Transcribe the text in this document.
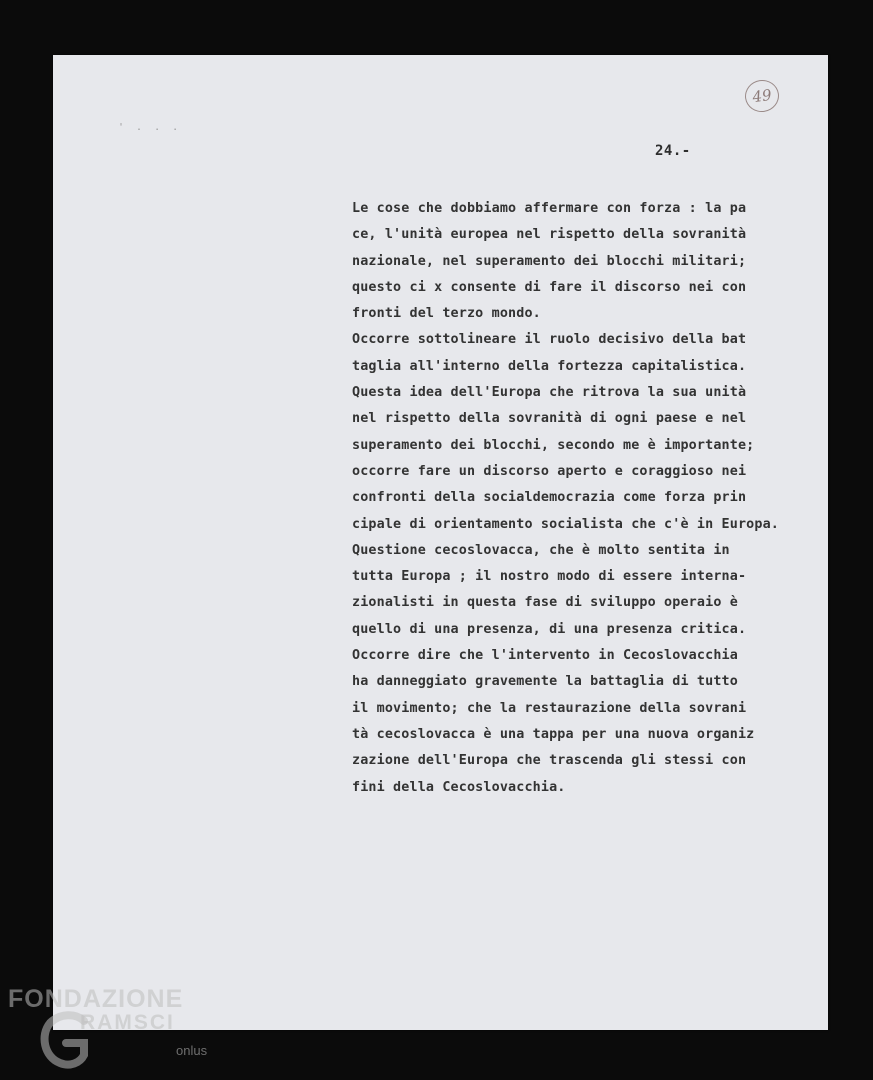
49
' . . .
24.-
Le cose che dobbiamo affermare con forza : la pa
ce, l'unità europea nel rispetto della sovranità
nazionale, nel superamento dei blocchi militari;
questo ci x consente di fare il discorso nei con
fronti del terzo mondo.
Occorre sottolineare il ruolo decisivo della bat
taglia all'interno della fortezza capitalistica.
Questa idea dell'Europa che ritrova la sua unità
nel rispetto della sovranità di ogni paese e nel
superamento dei blocchi, secondo me è importante;
occorre fare un discorso aperto e coraggioso nei
confronti della socialdemocrazia come forza prin
cipale di orientamento socialista che c'è in Europa.
Questione cecoslovacca, che è molto sentita in
tutta Europa ; il nostro modo di essere interna-
zionalisti in questa fase di sviluppo operaio è
quello di una presenza, di una presenza critica.
Occorre dire che l'intervento in Cecoslovacchia
ha danneggiato gravemente la battaglia di tutto
il movimento; che la restaurazione della sovrani
tà cecoslovacca è una tappa per una nuova organiz
zazione dell'Europa che trascenda gli stessi con
fini della Cecoslovacchia.
FONDAZIONE
RAMSCI
onlus
